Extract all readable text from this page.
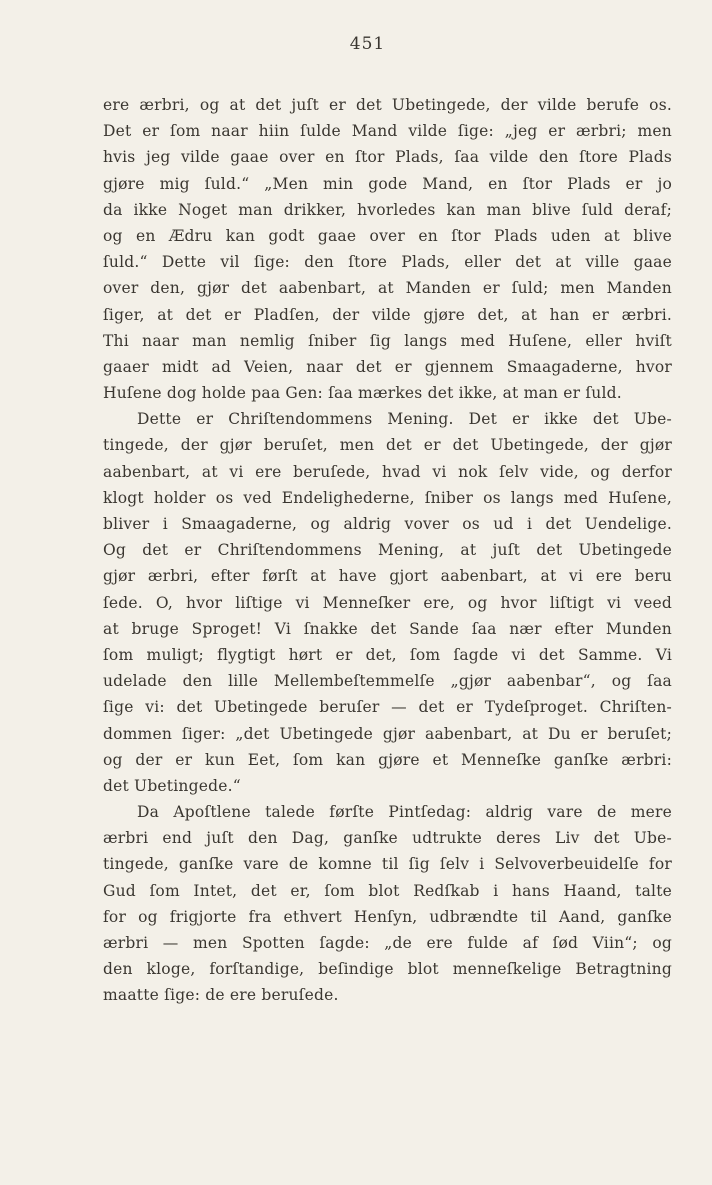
451
ere ærbri, og at det juſt er det Ubetingede, der vilde berufe os.
Det er ſom naar hiin ſulde Mand vilde ſige: „jeg er ærbri; men
hvis jeg vilde gaae over en ſtor Plads, ſaa vilde den ſtore Plads
gjøre mig ſuld.“ „Men min gode Mand, en ſtor Plads er jo
da ikke Noget man drikker, hvorledes kan man blive ſuld deraf;
og en Ædru kan godt gaae over en ſtor Plads uden at blive
ſuld.“ Dette vil ſige: den ſtore Plads, eller det at ville gaae
over den, gjør det aabenbart, at Manden er ſuld; men Manden
ſiger, at det er Pladſen, der vilde gjøre det, at han er ærbri.
Thi naar man nemlig ſniber ſig langs med Huſene, eller hviſt
gaaer midt ad Veien, naar det er gjennem Smaagaderne, hvor
Huſene dog holde paa Gen: ſaa mærkes det ikke, at man er ſuld.
Dette er Chriſtendommens Mening. Det er ikke det Ube-
tingede, der gjør beruſet, men det er det Ubetingede, der gjør
aabenbart, at vi ere beruſede, hvad vi nok ſelv vide, og derfor
klogt holder os ved Endelighederne, ſniber os langs med Huſene,
bliver i Smaagaderne, og aldrig vover os ud i det Uendelige.
Og det er Chriſtendommens Mening, at juſt det Ubetingede
gjør ærbri, efter førſt at have gjort aabenbart, at vi ere beru
ſede. O, hvor liſtige vi Menneſker ere, og hvor liſtigt vi veed
at bruge Sproget! Vi ſnakke det Sande ſaa nær efter Munden
ſom muligt; flygtigt hørt er det, ſom ſagde vi det Samme. Vi
udelade den lille Mellembeſtemmelſe „gjør aabenbar“, og ſaa
ſige vi: det Ubetingede beruſer — det er Tydeſproget. Chriſten-
dommen ſiger: „det Ubetingede gjør aabenbart, at Du er beruſet;
og der er kun Eet, ſom kan gjøre et Menneſke ganſke ærbri:
det Ubetingede.“
Da Apoſtlene talede førſte Pintſedag: aldrig vare de mere
ærbri end juſt den Dag, ganſke udtrukte deres Liv det Ube-
tingede, ganſke vare de komne til ſig ſelv i Selvoverbeuidelſe for
Gud ſom Intet, det er, ſom blot Redſkab i hans Haand, talte
for og frigjorte fra ethvert Henſyn, udbrændte til Aand, ganſke
ærbri — men Spotten ſagde: „de ere fulde af ſød Viin“; og
den kloge, forſtandige, beſindige blot menneſkelige Betragtning
maatte ſige: de ere beruſede.
